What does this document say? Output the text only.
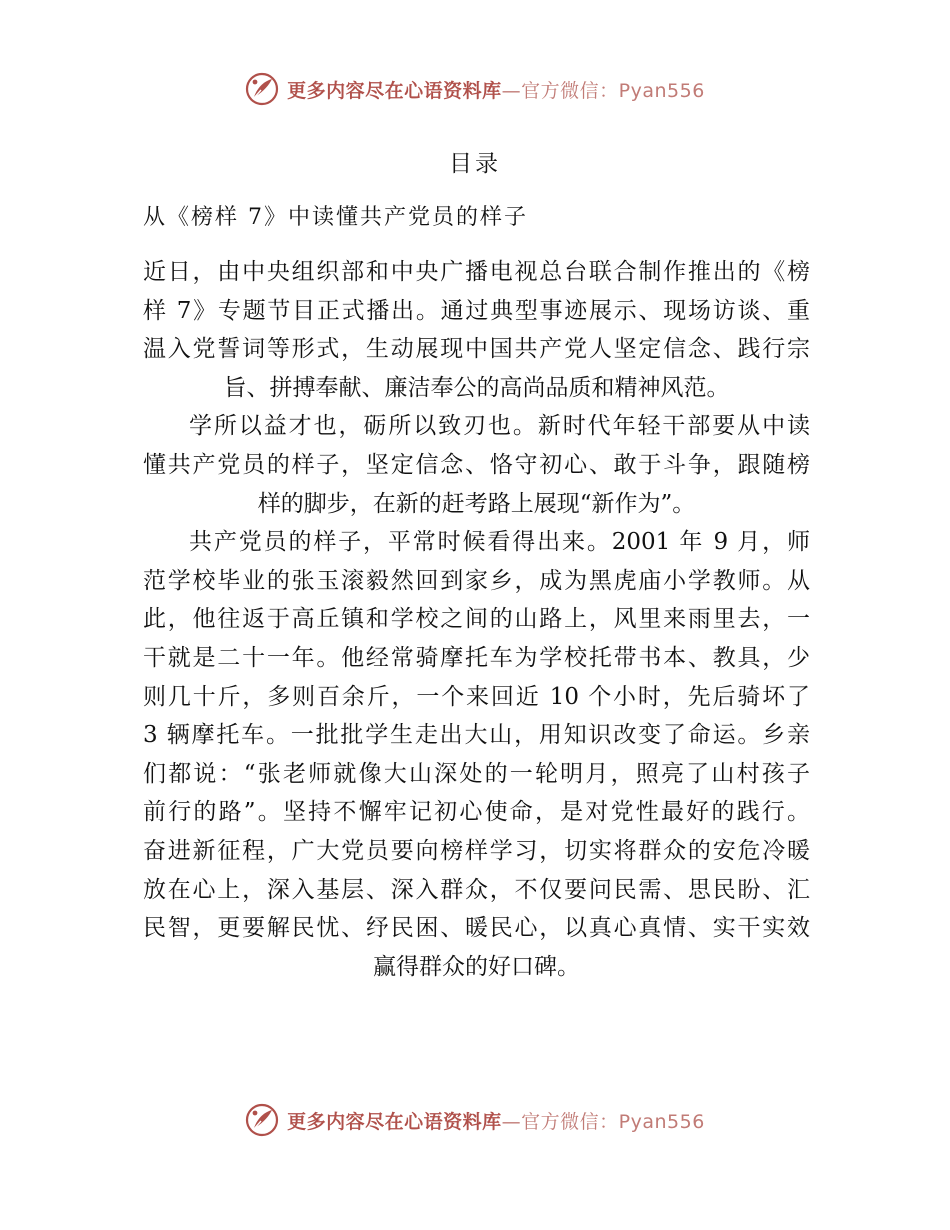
更多内容尽在心语资料库—官方微信：Pyan556
目录
从《榜样 7》中读懂共产党员的样子
近日，由中央组织部和中央广播电视总台联合制作推出的《榜
样 7》专题节目正式播出。通过典型事迹展示、现场访谈、重
温入党誓词等形式，生动展现中国共产党人坚定信念、践行宗
旨、拼搏奉献、廉洁奉公的高尚品质和精神风范。
学所以益才也，砺所以致刃也。新时代年轻干部要从中读
懂共产党员的样子，坚定信念、恪守初心、敢于斗争，跟随榜
样的脚步，在新的赶考路上展现“新作为”。
共产党员的样子，平常时候看得出来。2001 年 9 月，师
范学校毕业的张玉滚毅然回到家乡，成为黑虎庙小学教师。从
此，他往返于高丘镇和学校之间的山路上，风里来雨里去，一
干就是二十一年。他经常骑摩托车为学校托带书本、教具，少
则几十斤，多则百余斤，一个来回近 10 个小时，先后骑坏了
3 辆摩托车。一批批学生走出大山，用知识改变了命运。乡亲
们都说：“张老师就像大山深处的一轮明月，照亮了山村孩子
前行的路”。坚持不懈牢记初心使命，是对党性最好的践行。
奋进新征程，广大党员要向榜样学习，切实将群众的安危冷暖
放在心上，深入基层、深入群众，不仅要问民需、思民盼、汇
民智，更要解民忧、纾民困、暖民心，以真心真情、实干实效
赢得群众的好口碑。
更多内容尽在心语资料库—官方微信：Pyan556
